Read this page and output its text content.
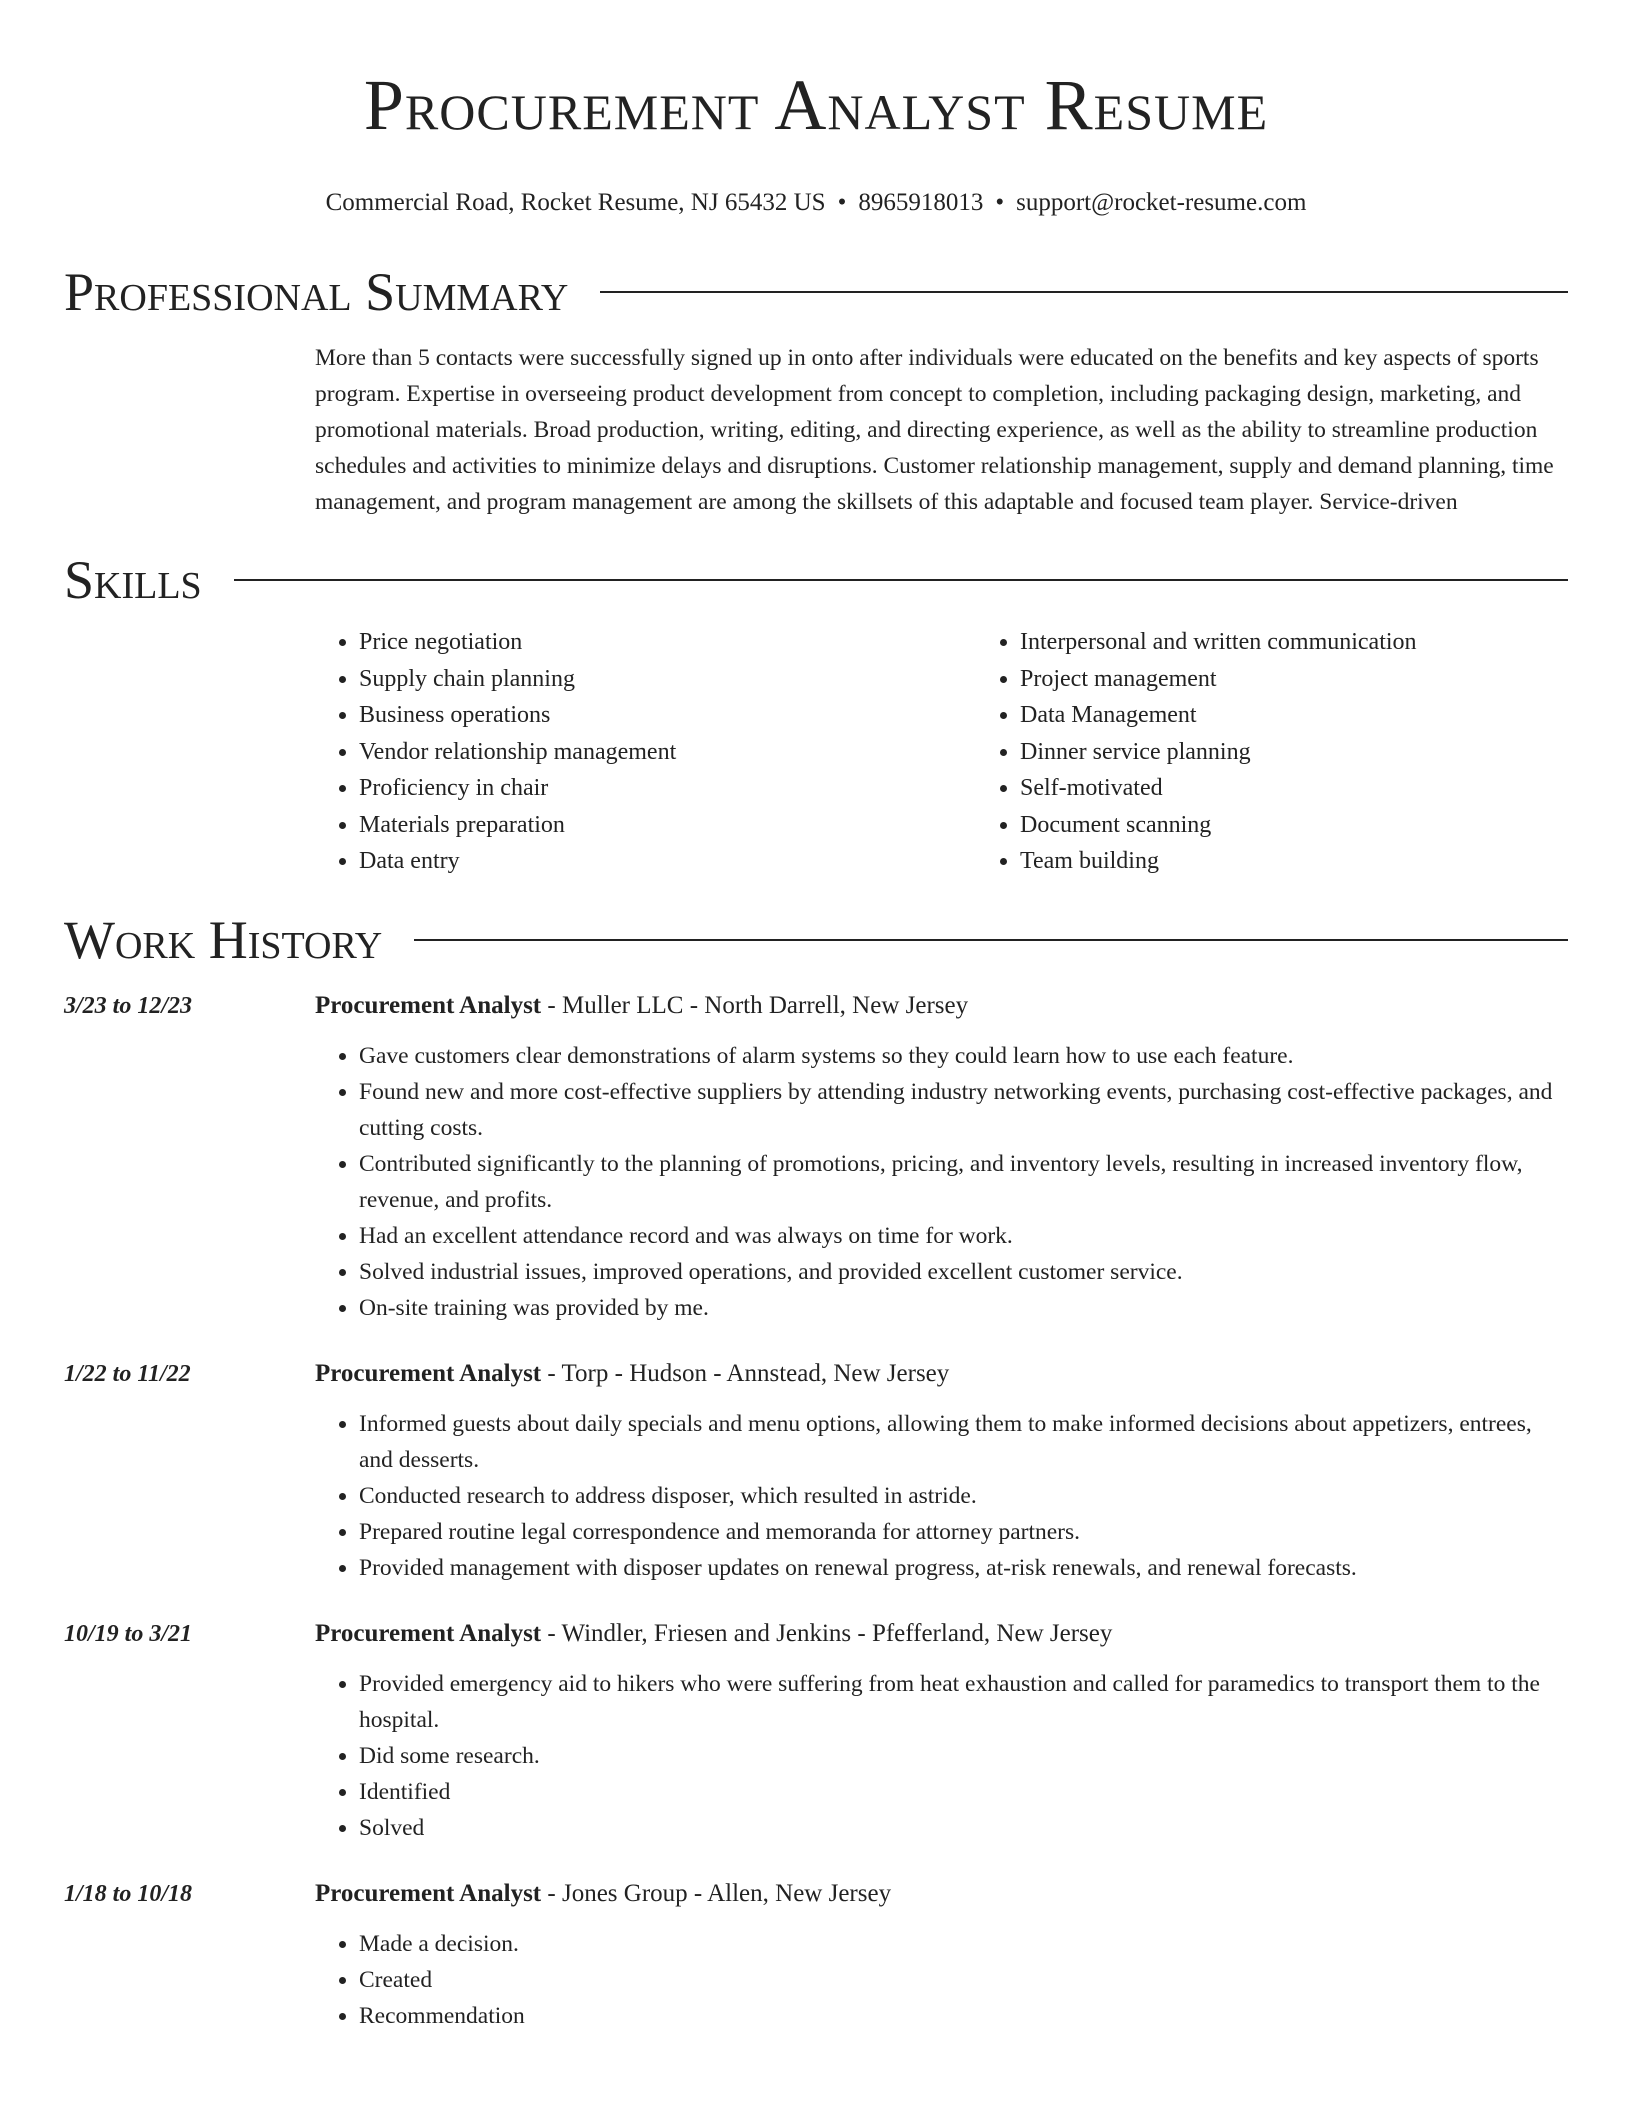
Procurement Analyst Resume
Commercial Road, Rocket Resume, NJ 65432 US • 8965918013 • support@rocket-resume.com
Professional Summary
More than 5 contacts were successfully signed up in onto after individuals were educated on the benefits and key aspects of sports program. Expertise in overseeing product development from concept to completion, including packaging design, marketing, and promotional materials. Broad production, writing, editing, and directing experience, as well as the ability to streamline production schedules and activities to minimize delays and disruptions. Customer relationship management, supply and demand planning, time management, and program management are among the skillsets of this adaptable and focused team player. Service-driven
Skills
• Price negotiation
• Supply chain planning
• Business operations
• Vendor relationship management
• Proficiency in chair
• Materials preparation
• Data entry
• Interpersonal and written communication
• Project management
• Data Management
• Dinner service planning
• Self-motivated
• Document scanning
• Team building
Work History
3/23 to 12/23	Procurement Analyst - Muller LLC - North Darrell, New Jersey
• Gave customers clear demonstrations of alarm systems so they could learn how to use each feature.
• Found new and more cost-effective suppliers by attending industry networking events, purchasing cost-effective packages, and cutting costs.
• Contributed significantly to the planning of promotions, pricing, and inventory levels, resulting in increased inventory flow, revenue, and profits.
• Had an excellent attendance record and was always on time for work.
• Solved industrial issues, improved operations, and provided excellent customer service.
• On-site training was provided by me.
1/22 to 11/22	Procurement Analyst - Torp - Hudson - Annstead, New Jersey
• Informed guests about daily specials and menu options, allowing them to make informed decisions about appetizers, entrees, and desserts.
• Conducted research to address disposer, which resulted in astride.
• Prepared routine legal correspondence and memoranda for attorney partners.
• Provided management with disposer updates on renewal progress, at-risk renewals, and renewal forecasts.
10/19 to 3/21	Procurement Analyst - Windler, Friesen and Jenkins - Pfefferland, New Jersey
• Provided emergency aid to hikers who were suffering from heat exhaustion and called for paramedics to transport them to the hospital.
• Did some research.
• Identified
• Solved
1/18 to 10/18	Procurement Analyst - Jones Group - Allen, New Jersey
• Made a decision.
• Created
• Recommendation
